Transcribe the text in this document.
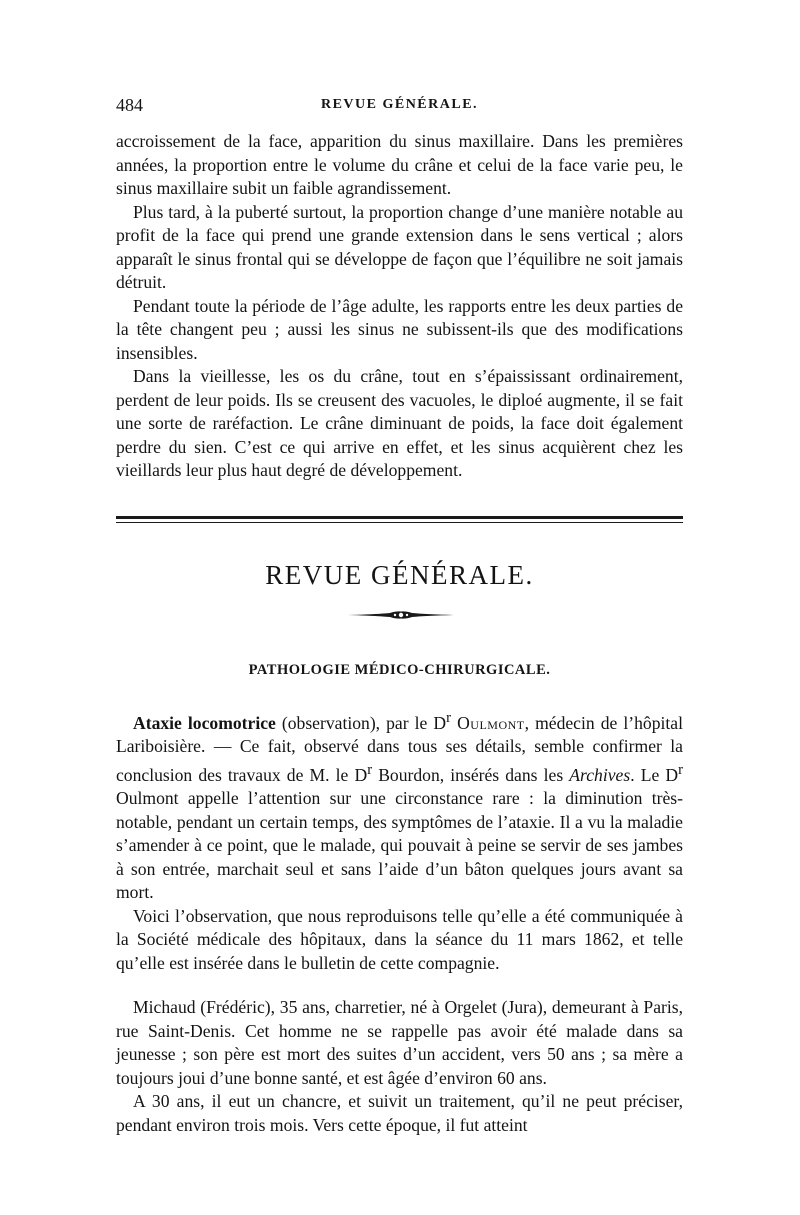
484	REVUE GÉNÉRALE.

accroissement de la face, apparition du sinus maxillaire. Dans les premières années, la proportion entre le volume du crâne et celui de la face varie peu, le sinus maxillaire subit un faible agrandissement.

Plus tard, à la puberté surtout, la proportion change d’une manière notable au profit de la face qui prend une grande extension dans le sens vertical ; alors apparaît le sinus frontal qui se développe de façon que l’équilibre ne soit jamais détruit.

Pendant toute la période de l’âge adulte, les rapports entre les deux parties de la tête changent peu ; aussi les sinus ne subissent-ils que des modifications insensibles.

Dans la vieillesse, les os du crâne, tout en s’épaississant ordinairement, perdent de leur poids. Ils se creusent des vacuoles, le diploé augmente, il se fait une sorte de raréfaction. Le crâne diminuant de poids, la face doit également perdre du sien. C’est ce qui arrive en effet, et les sinus acquièrent chez les vieillards leur plus haut degré de développement.

REVUE GÉNÉRALE.
PATHOLOGIE MÉDICO-CHIRURGICALE.

Ataxie locomotrice (observation), par le $D^r$ Oulmont, médecin de l’hôpital Lariboisière. — Ce fait, observé dans tous ses détails, semble confirmer la conclusion des travaux de M. le $D^r$ Bourdon, insérés dans les Archives. Le $D^r$ Oulmont appelle l’attention sur une circonstance rare : la diminution très-notable, pendant un certain temps, des symptômes de l’ataxie. Il a vu la maladie s’amender à ce point, que le malade, qui pouvait à peine se servir de ses jambes à son entrée, marchait seul et sans l’aide d’un bâton quelques jours avant sa mort.

Voici l’observation, que nous reproduisons telle qu’elle a été communiquée à la Société médicale des hôpitaux, dans la séance du 11 mars 1862, et telle qu’elle est insérée dans le bulletin de cette compagnie.

Michaud (Frédéric), 35 ans, charretier, né à Orgelet (Jura), demeurant à Paris, rue Saint-Denis. Cet homme ne se rappelle pas avoir été malade dans sa jeunesse ; son père est mort des suites d’un accident, vers 50 ans ; sa mère a toujours joui d’une bonne santé, et est âgée d’environ 60 ans.

A 30 ans, il eut un chancre, et suivit un traitement, qu’il ne peut préciser, pendant environ trois mois. Vers cette époque, il fut atteint
